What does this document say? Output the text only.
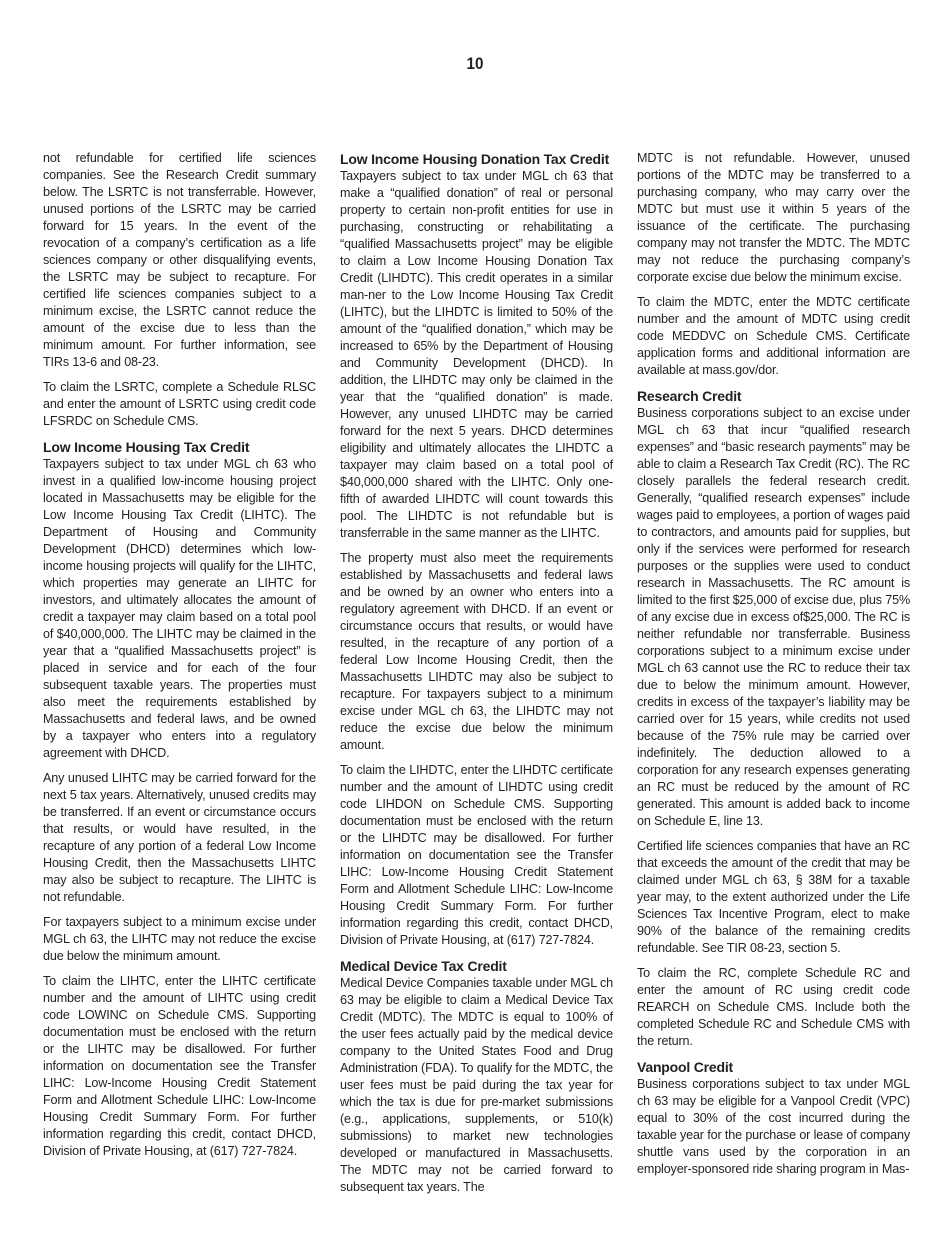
10

not refundable for certified life sciences companies. See the Research Credit summary below. The LSRTC is not transferrable. However, unused portions of the LSRTC may be carried forward for 15 years. In the event of the revocation of a company’s certification as a life sciences company or other disqualifying events, the LSRTC may be subject to recapture. For certified life sciences companies subject to a minimum excise, the LSRTC cannot reduce the amount of the excise due to less than the minimum amount. For further information, see TIRs 13-6 and 08-23.

To claim the LSRTC, complete a Schedule RLSC and enter the amount of LSRTC using credit code LFSRDC on Schedule CMS.

Low Income Housing Tax Credit

Taxpayers subject to tax under MGL ch 63 who invest in a qualified low-income housing project located in Massachusetts may be eligible for the Low Income Housing Tax Credit (LIHTC). The Department of Housing and Community Development (DHCD) determines which low-income housing projects will qualify for the LIHTC, which properties may generate an LIHTC for investors, and ultimately allocates the amount of credit a taxpayer may claim based on a total pool of $40,000,000. The LIHTC may be claimed in the year that a “qualified Massachusetts project” is placed in service and for each of the four subsequent taxable years. The properties must also meet the requirements established by Massachusetts and federal laws, and be owned by a taxpayer who enters into a regulatory agreement with DHCD.

Any unused LIHTC may be carried forward for the next 5 tax years. Alternatively, unused credits may be transferred. If an event or circumstance occurs that results, or would have resulted, in the recapture of any portion of a federal Low Income Housing Credit, then the Massachusetts LIHTC may also be subject to recapture. The LIHTC is not refundable.

For taxpayers subject to a minimum excise under MGL ch 63, the LIHTC may not reduce the excise due below the minimum amount.

To claim the LIHTC, enter the LIHTC certificate number and the amount of LIHTC using credit code LOWINC on Schedule CMS. Supporting documentation must be enclosed with the return or the LIHTC may be disallowed. For further information on documentation see the Transfer LIHC: Low-Income Housing Credit Statement Form and Allotment Schedule LIHC: Low-Income Housing Credit Summary Form. For further information regarding this credit, contact DHCD, Division of Private Housing, at (617) 727-7824.

Low Income Housing Donation Tax Credit

Taxpayers subject to tax under MGL ch 63 that make a “qualified donation” of real or personal property to certain non-profit entities for use in purchasing, constructing or rehabilitating a “qualified Massachusetts project” may be eligible to claim a Low Income Housing Donation Tax Credit (LIHDTC). This credit operates in a similar man-ner to the Low Income Housing Tax Credit (LIHTC), but the LIHDTC is limited to 50% of the amount of the “qualified donation,” which may be increased to 65% by the Department of Housing and Community Development (DHCD). In addition, the LIHDTC may only be claimed in the year that the “qualified donation” is made. However, any unused LIHDTC may be carried forward for the next 5 years. DHCD determines eligibility and ultimately allocates the LIHDTC a taxpayer may claim based on a total pool of $40,000,000 shared with the LIHTC. Only one-fifth of awarded LIHDTC will count towards this pool. The LIHDTC is not refundable but is transferrable in the same manner as the LIHTC.

The property must also meet the requirements established by Massachusetts and federal laws and be owned by an owner who enters into a regulatory agreement with DHCD. If an event or circumstance occurs that results, or would have resulted, in the recapture of any portion of a federal Low Income Housing Credit, then the Massachusetts LIHDTC may also be subject to recapture. For taxpayers subject to a minimum excise under MGL ch 63, the LIHDTC may not reduce the excise due below the minimum amount.

To claim the LIHDTC, enter the LIHDTC certificate number and the amount of LIHDTC using credit code LIHDON on Schedule CMS. Supporting documentation must be enclosed with the return or the LIHDTC may be disallowed. For further information on documentation see the Transfer LIHC: Low-Income Housing Credit Statement Form and Allotment Schedule LIHC: Low-Income Housing Credit Summary Form. For further information regarding this credit, contact DHCD, Division of Private Housing, at (617) 727-7824.

Medical Device Tax Credit

Medical Device Companies taxable under MGL ch 63 may be eligible to claim a Medical Device Tax Credit (MDTC). The MDTC is equal to 100% of the user fees actually paid by the medical device company to the United States Food and Drug Administration (FDA). To qualify for the MDTC, the user fees must be paid during the tax year for which the tax is due for pre-market submissions (e.g., applications, supplements, or 510(k) submissions) to market new technologies developed or manufactured in Massachusetts. The MDTC may not be carried forward to subsequent tax years. The

MDTC is not refundable. However, unused portions of the MDTC may be transferred to a purchasing company, who may carry over the MDTC but must use it within 5 years of the issuance of the certificate. The purchasing company may not transfer the MDTC. The MDTC may not reduce the purchasing company’s corporate excise due below the minimum excise.

To claim the MDTC, enter the MDTC certificate number and the amount of MDTC using credit code MEDDVC on Schedule CMS. Certificate application forms and additional information are available at mass.gov/dor.

Research Credit

Business corporations subject to an excise under MGL ch 63 that incur “qualified research expenses” and “basic research payments” may be able to claim a Research Tax Credit (RC). The RC closely parallels the federal research credit. Generally, “qualified research expenses” include wages paid to employees, a portion of wages paid to contractors, and amounts paid for supplies, but only if the services were performed for research purposes or the supplies were used to conduct research in Massachusetts. The RC amount is limited to the first $25,000 of excise due, plus 75% of any excise due in excess of$25,000. The RC is neither refundable nor transferrable. Business corporations subject to a minimum excise under MGL ch 63 cannot use the RC to reduce their tax due to below the minimum amount. However, credits in excess of the taxpayer’s liability may be carried over for 15 years, while credits not used because of the 75% rule may be carried over indefinitely. The deduction allowed to a corporation for any research expenses generating an RC must be reduced by the amount of RC generated. This amount is added back to income on Schedule E, line 13.

Certified life sciences companies that have an RC that exceeds the amount of the credit that may be claimed under MGL ch 63, § 38M for a taxable year may, to the extent authorized under the Life Sciences Tax Incentive Program, elect to make 90% of the balance of the remaining credits refundable. See TIR 08-23, section 5.

To claim the RC, complete Schedule RC and enter the amount of RC using credit code REARCH on Schedule CMS. Include both the completed Schedule RC and Schedule CMS with the return.

Vanpool Credit

Business corporations subject to tax under MGL ch 63 may be eligible for a Vanpool Credit (VPC) equal to 30% of the cost incurred during the taxable year for the purchase or lease of company shuttle vans used by the corporation in an employer-sponsored ride sharing program in Mas-
